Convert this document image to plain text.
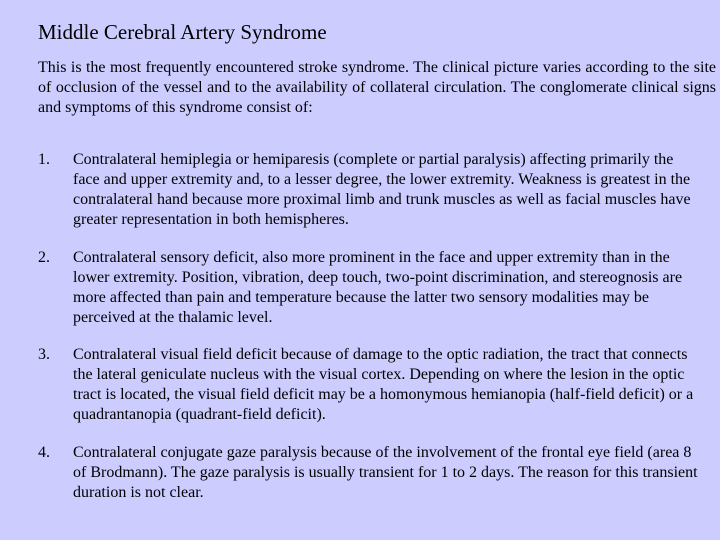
Middle Cerebral Artery Syndrome
This is the most frequently encountered stroke syndrome. The clinical picture varies according to the site of occlusion of the vessel and to the availability of collateral circulation. The conglomerate clinical signs and symptoms of this syndrome consist of:
1.	Contralateral hemiplegia or hemiparesis (complete or partial paralysis) affecting primarily the face and upper extremity and, to a lesser degree, the lower extremity. Weakness is greatest in the contralateral hand because more proximal limb and trunk muscles as well as facial muscles have greater representation in both hemispheres.
2.	Contralateral sensory deficit, also more prominent in the face and upper extremity than in the lower extremity. Position, vibration, deep touch, two-point discrimination, and stereognosis are more affected than pain and temperature because the latter two sensory modalities may be perceived at the thalamic level.
3.	Contralateral visual field deficit because of damage to the optic radiation, the tract that connects the lateral geniculate nucleus with the visual cortex. Depending on where the lesion in the optic tract is located, the visual field deficit may be a homonymous hemianopia (half-field deficit) or a quadrantanopia (quadrant-field deficit).
4.	Contralateral conjugate gaze paralysis because of the involvement of the frontal eye field (area 8 of Brodmann). The gaze paralysis is usually transient for 1 to 2 days. The reason for this transient duration is not clear.
